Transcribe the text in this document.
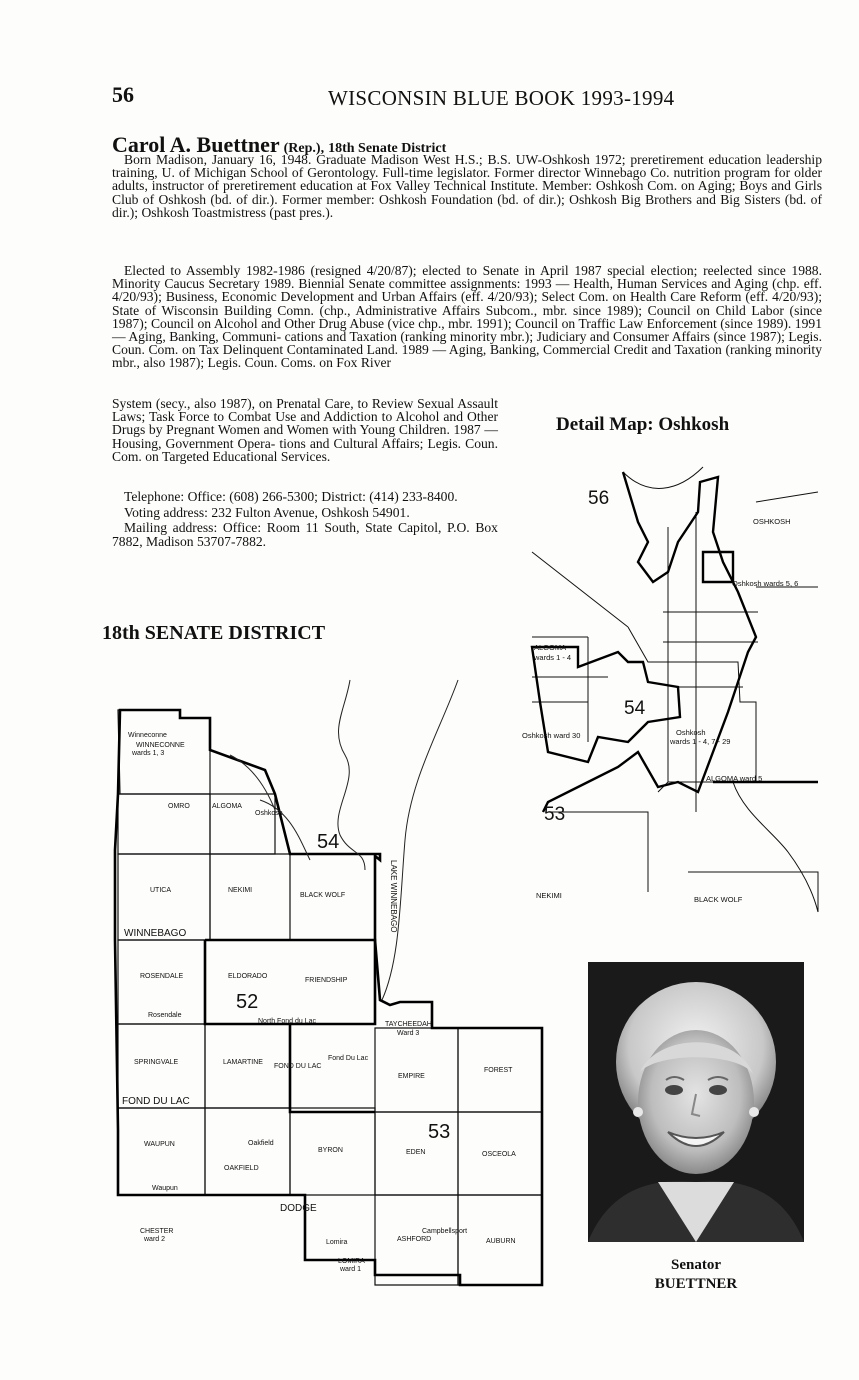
56	WISCONSIN BLUE BOOK 1993-1994
Carol A. Buettner (Rep.), 18th Senate District
Born Madison, January 16, 1948. Graduate Madison West H.S.; B.S. UW-Oshkosh 1972; preretirement education leadership training, U. of Michigan School of Gerontology. Full-time legislator. Former director Winnebago Co. nutrition program for older adults, instructor of preretirement education at Fox Valley Technical Institute. Member: Oshkosh Com. on Aging; Boys and Girls Club of Oshkosh (bd. of dir.). Former member: Oshkosh Foundation (bd. of dir.); Oshkosh Big Brothers and Big Sisters (bd. of dir.); Oshkosh Toastmistress (past pres.).
Elected to Assembly 1982-1986 (resigned 4/20/87); elected to Senate in April 1987 special election; reelected since 1988. Minority Caucus Secretary 1989. Biennial Senate committee assignments: 1993 — Health, Human Services and Aging (chp. eff. 4/20/93); Business, Economic Development and Urban Affairs (eff. 4/20/93); Select Com. on Health Care Reform (eff. 4/20/93); State of Wisconsin Building Comn. (chp., Administrative Affairs Subcom., mbr. since 1989); Council on Child Labor (since 1987); Council on Alcohol and Other Drug Abuse (vice chp., mbr. 1991); Council on Traffic Law Enforcement (since 1989). 1991 — Aging, Banking, Communi- cations and Taxation (ranking minority mbr.); Judiciary and Consumer Affairs (since 1987); Legis. Coun. Com. on Tax Delinquent Contaminated Land. 1989 — Aging, Banking, Commercial Credit and Taxation (ranking minority mbr., also 1987); Legis. Coun. Coms. on Fox River
System (secy., also 1987), on Prenatal Care, to Review Sexual Assault Laws; Task Force to Combat Use and Addiction to Alcohol and Other Drugs by Pregnant Women and Women with Young Children. 1987 — Housing, Government Opera- tions and Cultural Affairs; Legis. Coun. Com. on Targeted Educational Services.
Telephone: Office: (608) 266-5300; District: (414) 233-8400.
Voting address: 232 Fulton Avenue, Oshkosh 54901.
Mailing address: Office: Room 11 South, State Capitol, P.O. Box 7882, Madison 53707-7882.
18th SENATE DISTRICT
Detail Map: Oshkosh
Winneconne
WINNECONNE
wards 1, 3
OMRO	ALGOMA
Oshkosh
UTICA	NEKIMI
BLACK WOLF
ROSENDALE	ELDORADO
FRIENDSHIP
Rosendale
North Fond du Lac	TAYCHEEDAH
Ward 3
SPRINGVALE	LAMARTINE
FOND DU LAC
Fond Du Lac
EMPIRE
FOREST
WAUPUN	Oakfield
OAKFIELD
BYRON	EDEN	OSCEOLA
Waupun
CHESTER
ward 2	Lomira
LOMIRA
ward 1
Campbellsport
ASHFORD	AUBURN
WINNEBAGO
FOND DU LAC
DODGE
LAKE WINNEBAGO
54
52
53
OSHKOSH
Oshkosh wards 5, 6
ALGOMA
wards 1 - 4
Oshkosh ward 30	Oshkosh
wards 1 - 4, 7 - 29
ALGOMA ward 5
NEKIMI	BLACK WOLF
56
54
53
Senator
BUETTNER
